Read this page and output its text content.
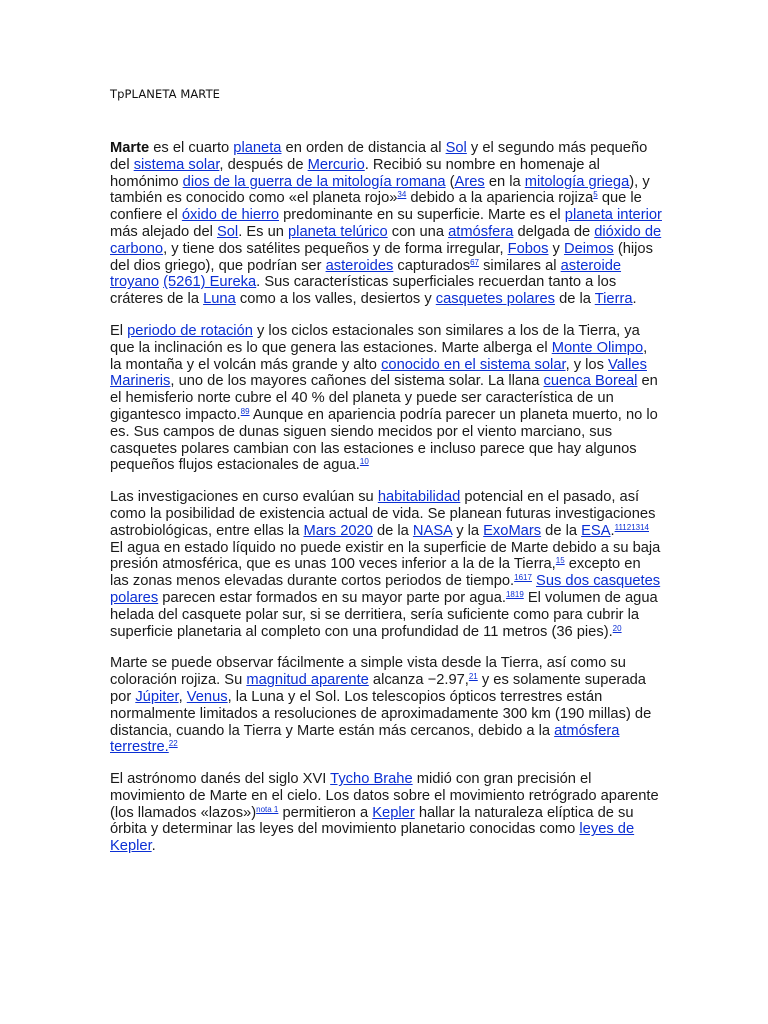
TpPLANETA MARTE

Marte es el cuarto planeta en orden de distancia al Sol y el segundo más pequeño del sistema solar, después de Mercurio. Recibió su nombre en homenaje al homónimo dios de la guerra de la mitología romana (Ares en la mitología griega), y también es conocido como «el planeta rojo»$^{34}$ debido a la apariencia rojiza$^5$ que le confiere el óxido de hierro predominante en su superficie. Marte es el planeta interior más alejado del Sol. Es un planeta telúrico con una atmósfera delgada de dióxido de carbono, y tiene dos satélites pequeños y de forma irregular, Fobos y Deimos (hijos del dios griego), que podrían ser asteroides capturados$^{67}$ similares al asteroide troyano (5261) Eureka. Sus características superficiales recuerdan tanto a los cráteres de la Luna como a los valles, desiertos y casquetes polares de la Tierra.

El periodo de rotación y los ciclos estacionales son similares a los de la Tierra, ya que la inclinación es lo que genera las estaciones. Marte alberga el Monte Olimpo, la montaña y el volcán más grande y alto conocido en el sistema solar, y los Valles Marineris, uno de los mayores cañones del sistema solar. La llana cuenca Boreal en el hemisferio norte cubre el 40 % del planeta y puede ser característica de un gigantesco impacto.$^{89}$ Aunque en apariencia podría parecer un planeta muerto, no lo es. Sus campos de dunas siguen siendo mecidos por el viento marciano, sus casquetes polares cambian con las estaciones e incluso parece que hay algunos pequeños flujos estacionales de agua.$^{10}$

Las investigaciones en curso evalúan su habitabilidad potencial en el pasado, así como la posibilidad de existencia actual de vida. Se planean futuras investigaciones astrobiológicas, entre ellas la Mars 2020 de la NASA y la ExoMars de la ESA.$^{11121314}$ El agua en estado líquido no puede existir en la superficie de Marte debido a su baja presión atmosférica, que es unas 100 veces inferior a la de la Tierra,$^{15}$ excepto en las zonas menos elevadas durante cortos periodos de tiempo.$^{1617}$ Sus dos casquetes polares parecen estar formados en su mayor parte por agua.$^{1819}$ El volumen de agua helada del casquete polar sur, si se derritiera, sería suficiente como para cubrir la superficie planetaria al completo con una profundidad de 11 metros (36 pies).$^{20}$

Marte se puede observar fácilmente a simple vista desde la Tierra, así como su coloración rojiza. Su magnitud aparente alcanza −2.97,21 y es solamente superada por Júpiter, Venus, la Luna y el Sol. Los telescopios ópticos terrestres están normalmente limitados a resoluciones de aproximadamente 300 km (190 millas) de distancia, cuando la Tierra y Marte están más cercanos, debido a la atmósfera terrestre.$^{22}$

El astrónomo danés del siglo XVI Tycho Brahe midió con gran precisión el movimiento de Marte en el cielo. Los datos sobre el movimiento retrógrado aparente (los llamados «lazos»)$^{nota 1}$ permitieron a Kepler hallar la naturaleza elíptica de su órbita y determinar las leyes del movimiento planetario conocidas como leyes de Kepler.
